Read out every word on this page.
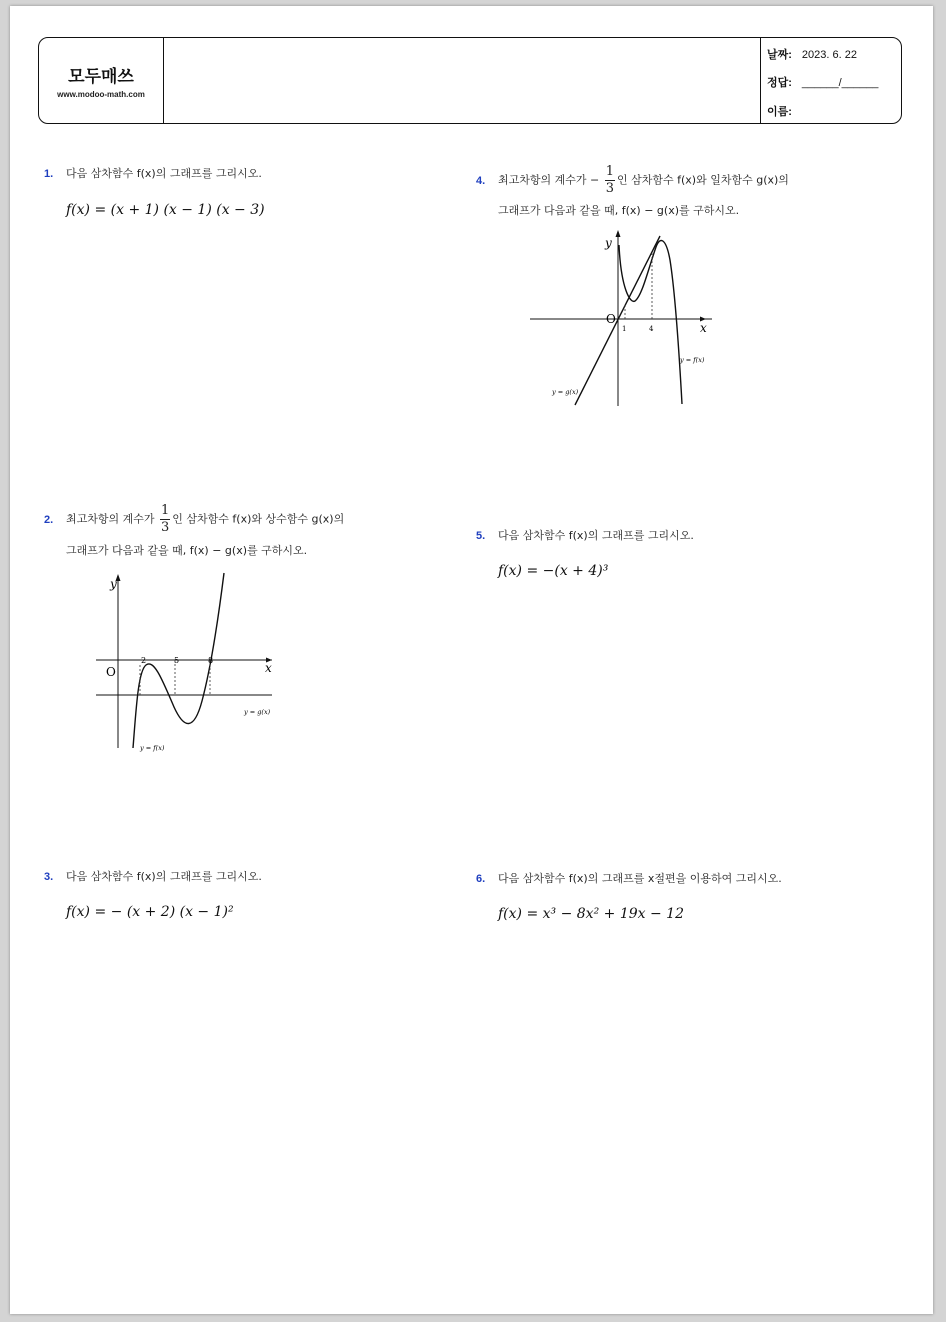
모두매쓰
www.modoo-math.com
날짜: 2023. 6. 22
정답: ______/______
이름:
1. 다음 삼차함수 f(x)의 그래프를 그리시오.
f(x) = (x + 1) (x − 1) (x − 3)
4. 최고차항의 계수가 − $\frac{1}{3}$ 인 삼차함수 f(x)와 일차함수 g(x)의
그래프가 다음과 같을 때, f(x) − g(x)를 구하시오.
y
x
O
1	4
y = f(x)
y = g(x)
2. 최고차항의 계수가 $\frac{1}{3}$ 인 삼차함수 f(x)와 상수함수 g(x)의
그래프가 다음과 같을 때, f(x) − g(x)를 구하시오.
y
x
O
2	5	8
y = g(x)
y = f(x)
5. 다음 삼차함수 f(x)의 그래프를 그리시오.
f(x) = −(x + 4)³
3. 다음 삼차함수 f(x)의 그래프를 그리시오.
f(x) = − (x + 2) (x − 1)²
6. 다음 삼차함수 f(x)의 그래프를 x절편을 이용하여 그리시오.
f(x) = x³ − 8x² + 19x − 12
